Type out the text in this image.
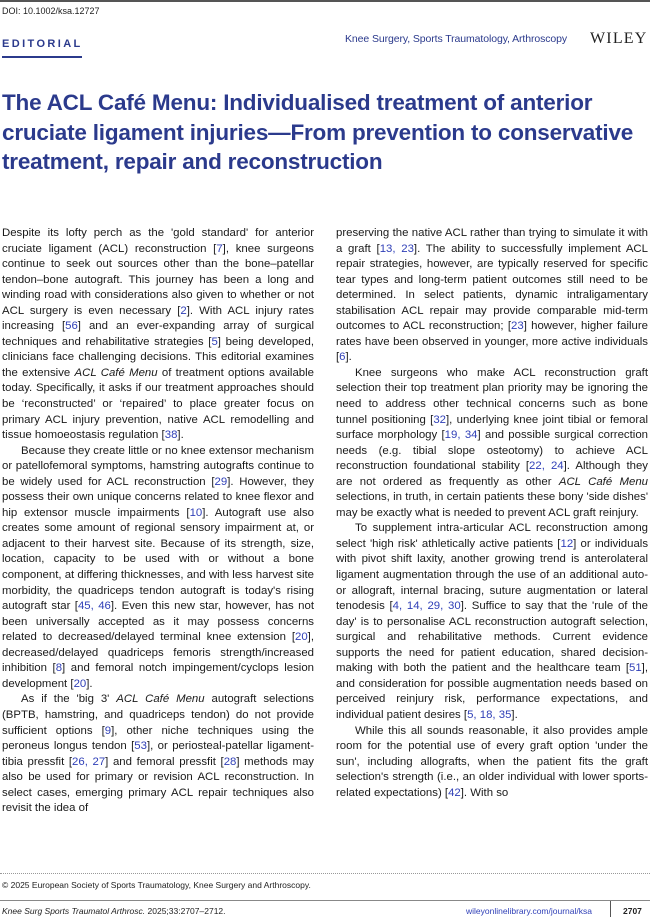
DOI: 10.1002/ksa.12727
EDITORIAL	Knee Surgery, Sports Traumatology, Arthroscopy WILEY
The ACL Café Menu: Individualised treatment of anterior cruciate ligament injuries—From prevention to conservative treatment, repair and reconstruction

Despite its lofty perch as the 'gold standard' for anterior cruciate ligament (ACL) reconstruction [7], knee surgeons continue to seek out sources other than the bone–patellar tendon–bone autograft. This journey has been a long and winding road with considerations also given to whether or not ACL surgery is even necessary [2]. With ACL injury rates increasing [56] and an ever-expanding array of surgical techniques and rehabilitative strategies [5] being developed, clinicians face challenging decisions. This editorial examines the extensive ACL Café Menu of treatment options available today. Specifically, it asks if our treatment approaches should be ‘reconstructed’ or ‘repaired’ to place greater focus on primary ACL injury prevention, native ACL remodelling and tissue homoeostasis regulation [38].

Because they create little or no knee extensor mechanism or patellofemoral symptoms, hamstring autografts continue to be widely used for ACL reconstruction [29]. However, they possess their own unique concerns related to knee flexor and hip extensor muscle impairments [10]. Autograft use also creates some amount of regional sensory impairment at, or adjacent to their harvest site. Because of its strength, size, location, capacity to be used with or without a bone component, at differing thicknesses, and with less harvest site morbidity, the quadriceps tendon autograft is today's rising autograft star [45, 46]. Even this new star, however, has not been universally accepted as it may possess concerns related to decreased/delayed terminal knee extension [20], decreased/delayed quadriceps femoris strength/increased inhibition [8] and femoral notch impingement/cyclops lesion development [20].

As if the 'big 3' ACL Café Menu autograft selections (BPTB, hamstring, and quadriceps tendon) do not provide sufficient options [9], other niche techniques using the peroneus longus tendon [53], or periosteal-patellar ligament-tibia pressfit [26, 27] and femoral pressfit [28] methods may also be used for primary or revision ACL reconstruction. In select cases, emerging primary ACL repair techniques also revisit the idea of

preserving the native ACL rather than trying to simulate it with a graft [13, 23]. The ability to successfully implement ACL repair strategies, however, are typically reserved for specific tear types and long-term patient outcomes still need to be determined. In select patients, dynamic intraligamentary stabilisation ACL repair may provide comparable mid-term outcomes to ACL reconstruction; [23] however, higher failure rates have been observed in younger, more active individuals [6].

Knee surgeons who make ACL reconstruction graft selection their top treatment plan priority may be ignoring the need to address other technical concerns such as bone tunnel positioning [32], underlying knee joint tibial or femoral surface morphology [19, 34] and possible surgical correction needs (e.g. tibial slope osteotomy) to achieve ACL reconstruction foundational stability [22, 24]. Although they are not ordered as frequently as other ACL Café Menu selections, in truth, in certain patients these bony 'side dishes' may be exactly what is needed to prevent ACL graft reinjury.

To supplement intra-articular ACL reconstruction among select 'high risk' athletically active patients [12] or individuals with pivot shift laxity, another growing trend is anterolateral ligament augmentation through the use of an additional auto- or allograft, internal bracing, suture augmentation or lateral tenodesis [4, 14, 29, 30]. Suffice to say that the 'rule of the day' is to personalise ACL reconstruction autograft selection, surgical and rehabilitative methods. Current evidence supports the need for patient education, shared decision-making with both the patient and the healthcare team [51], and consideration for possible augmentation needs based on perceived reinjury risk, performance expectations, and individual patient desires [5, 18, 35].

While this all sounds reasonable, it also provides ample room for the potential use of every graft option 'under the sun', including allografts, when the patient fits the graft selection's strength (i.e., an older individual with lower sports-related expectations) [42]. With so

© 2025 European Society of Sports Traumatology, Knee Surgery and Arthroscopy.
Knee Surg Sports Traumatol Arthrosc. 2025;33:2707–2712.	wileyonlinelibrary.com/journal/ksa	2707
